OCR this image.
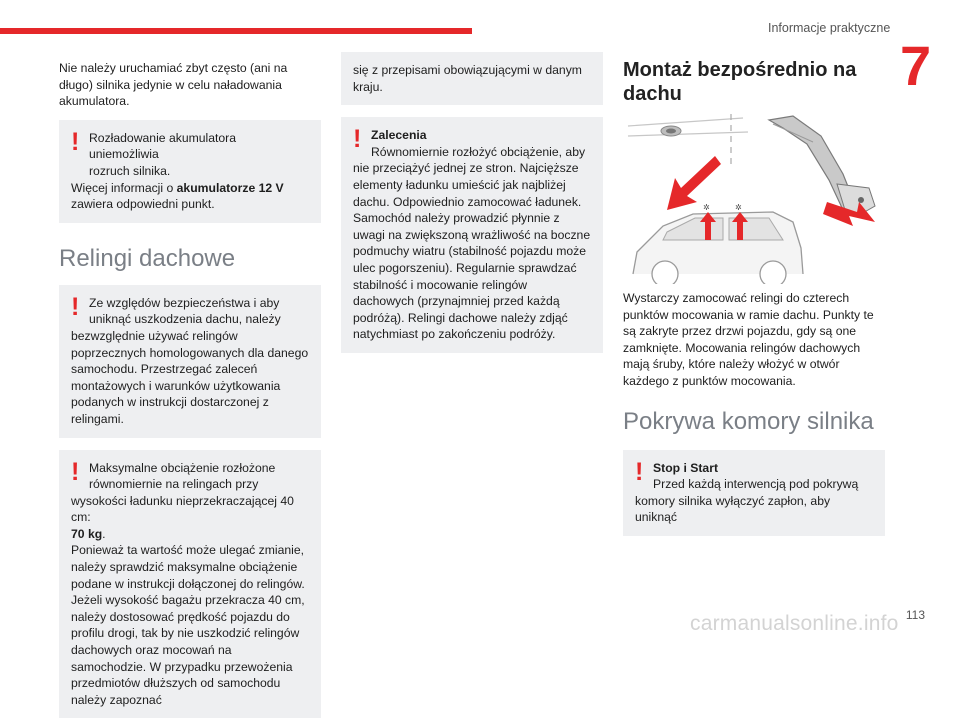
Informacje praktyczne
7

Nie należy uruchamiać zbyt często (ani na długo) silnika jedynie w celu naładowania akumulatora.

! Rozładowanie akumulatora uniemożliwia
rozruch silnika.
Więcej informacji o akumulatorze 12 V
zawiera odpowiedni punkt.
Relingi dachowe
! Ze względów bezpieczeństwa i aby
uniknąć uszkodzenia dachu, należy
bezwzględnie używać relingów poprzecznych homologowanych dla danego samochodu. Przestrzegać zaleceń montażowych i warunków użytkowania podanych w instrukcji dostarczonej z relingami.
! Maksymalne obciążenie rozłożone
równomiernie na relingach przy
wysokości ładunku nieprzekraczającej 40 cm:
70 kg.
Ponieważ ta wartość może ulegać zmianie, należy sprawdzić maksymalne obciążenie podane w instrukcji dołączonej do relingów. Jeżeli wysokość bagażu przekracza 40 cm, należy dostosować prędkość pojazdu do profilu drogi, tak by nie uszkodzić relingów dachowych oraz mocowań na samochodzie. W przypadku przewożenia przedmiotów dłuższych od samochodu należy zapoznać
się z przepisami obowiązującymi w danym kraju.
! Zalecenia
Równomiernie rozłożyć obciążenie, aby
nie przeciążyć jednej ze stron. Najcięższe elementy ładunku umieścić jak najbliżej dachu. Odpowiednio zamocować ładunek. Samochód należy prowadzić płynnie z uwagi na zwiększoną wrażliwość na boczne podmuchy wiatru (stabilność pojazdu może ulec pogorszeniu). Regularnie sprawdzać stabilność i mocowanie relingów dachowych (przynajmniej przed każdą podróżą). Relingi dachowe należy zdjąć natychmiast po zakończeniu podróży.
Montaż bezpośrednio na
dachu
✲	✲

Wystarczy zamocować relingi do czterech punktów mocowania w ramie dachu. Punkty te są zakryte przez drzwi pojazdu, gdy są one zamknięte. Mocowania relingów dachowych mają śruby, które należy włożyć w otwór każdego z punktów mocowania.

Pokrywa komory silnika
! Stop i Start
Przed każdą interwencją pod pokrywą
komory silnika wyłączyć zapłon, aby uniknąć
carmanualsonline.info 113
